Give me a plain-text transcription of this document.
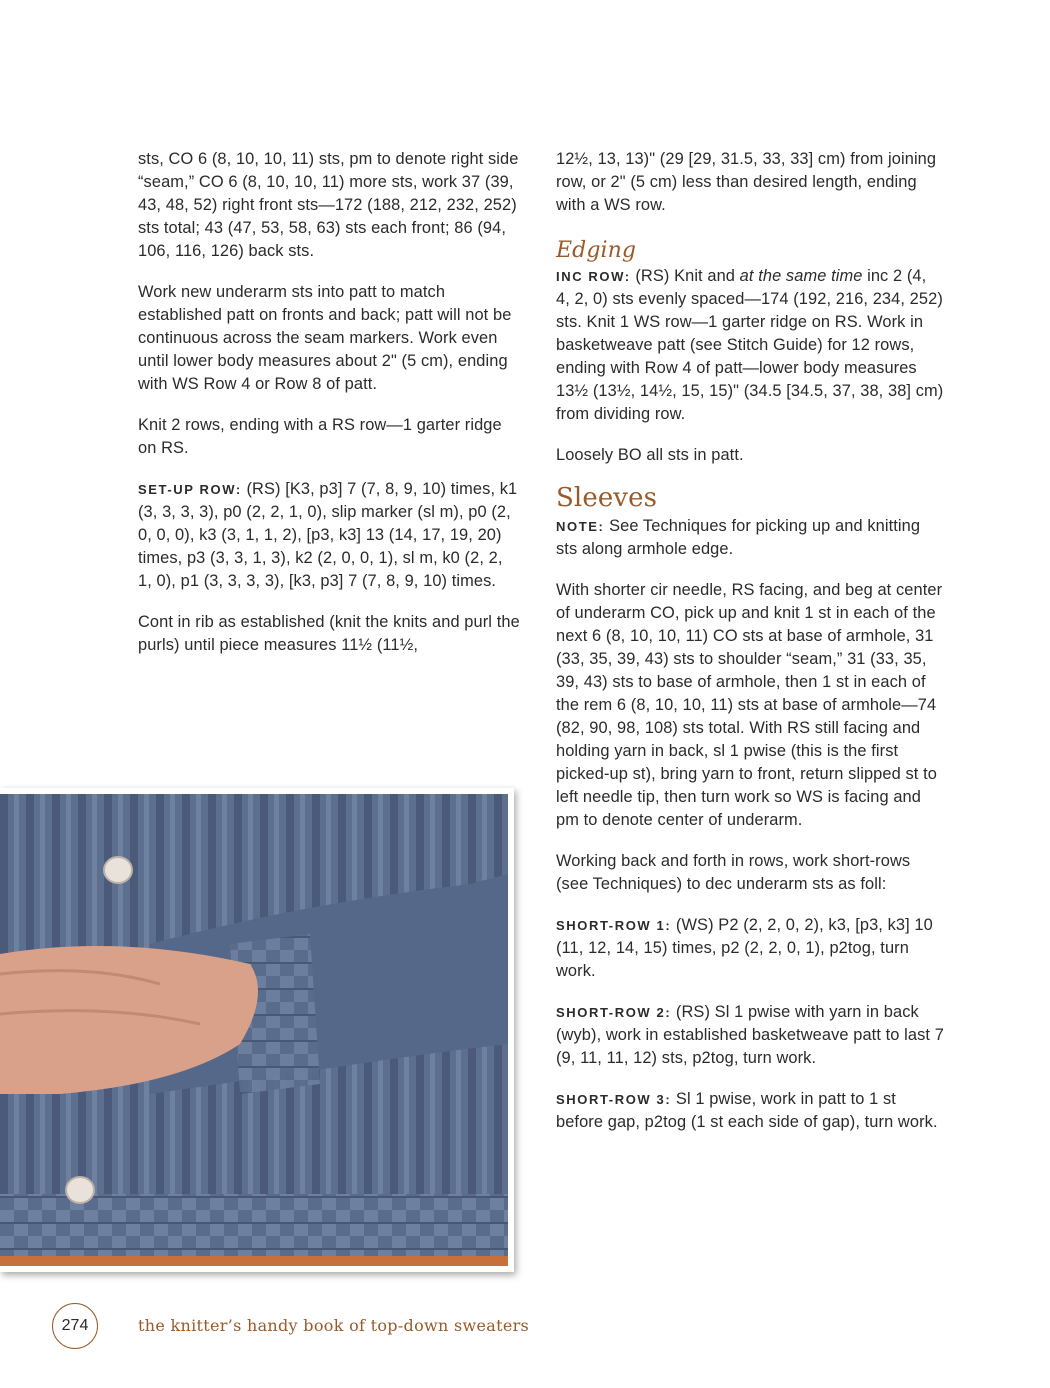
sts, CO 6 (8, 10, 10, 11) sts, pm to denote right side “seam,” CO 6 (8, 10, 10, 11) more sts, work 37 (39, 43, 48, 52) right front sts—172 (188, 212, 232, 252) sts total; 43 (47, 53, 58, 63) sts each front; 86 (94, 106, 116, 126) back sts.

Work new underarm sts into patt to match established patt on fronts and back; patt will not be continuous across the seam markers. Work even until lower body measures about 2" (5 cm), ending with WS Row 4 or Row 8 of patt.

Knit 2 rows, ending with a RS row—1 garter ridge on RS.

SET-UP ROW: (RS) [K3, p3] 7 (7, 8, 9, 10) times, k1 (3, 3, 3, 3), p0 (2, 2, 1, 0), slip marker (sl m), p0 (2, 0, 0, 0), k3 (3, 1, 1, 2), [p3, k3] 13 (14, 17, 19, 20) times, p3 (3, 3, 1, 3), k2 (2, 0, 0, 1), sl m, k0 (2, 2, 1, 0), p1 (3, 3, 3, 3), [k3, p3] 7 (7, 8, 9, 10) times.

Cont in rib as established (knit the knits and purl the purls) until piece measures 11½ (11½,

12½, 13, 13)" (29 [29, 31.5, 33, 33] cm) from joining row, or 2" (5 cm) less than desired length, ending with a WS row.

Edging

INC ROW: (RS) Knit and at the same time inc 2 (4, 4, 2, 0) sts evenly spaced—174 (192, 216, 234, 252) sts. Knit 1 WS row—1 garter ridge on RS. Work in basketweave patt (see Stitch Guide) for 12 rows, ending with Row 4 of patt—lower body measures 13½ (13½, 14½, 15, 15)" (34.5 [34.5, 37, 38, 38] cm) from dividing row.

Loosely BO all sts in patt.

Sleeves

NOTE: See Techniques for picking up and knitting sts along armhole edge.

With shorter cir needle, RS facing, and beg at center of underarm CO, pick up and knit 1 st in each of the next 6 (8, 10, 10, 11) CO sts at base of armhole, 31 (33, 35, 39, 43) sts to shoulder “seam,” 31 (33, 35, 39, 43) sts to base of armhole, then 1 st in each of the rem 6 (8, 10, 10, 11) sts at base of armhole—74 (82, 90, 98, 108) sts total. With RS still facing and holding yarn in back, sl 1 pwise (this is the first picked-up st), bring yarn to front, return slipped st to left needle tip, then turn work so WS is facing and pm to denote center of underarm.

Working back and forth in rows, work short-rows (see Techniques) to dec underarm sts as foll:

SHORT-ROW 1: (WS) P2 (2, 2, 0, 2), k3, [p3, k3] 10 (11, 12, 14, 15) times, p2 (2, 2, 0, 1), p2tog, turn work.

SHORT-ROW 2: (RS) Sl 1 pwise with yarn in back (wyb), work in established basketweave patt to last 7 (9, 11, 11, 12) sts, p2tog, turn work.

SHORT-ROW 3: Sl 1 pwise, work in patt to 1 st before gap, p2tog (1 st each side of gap), turn work.

274	the knitter’s handy book of top-down sweaters
